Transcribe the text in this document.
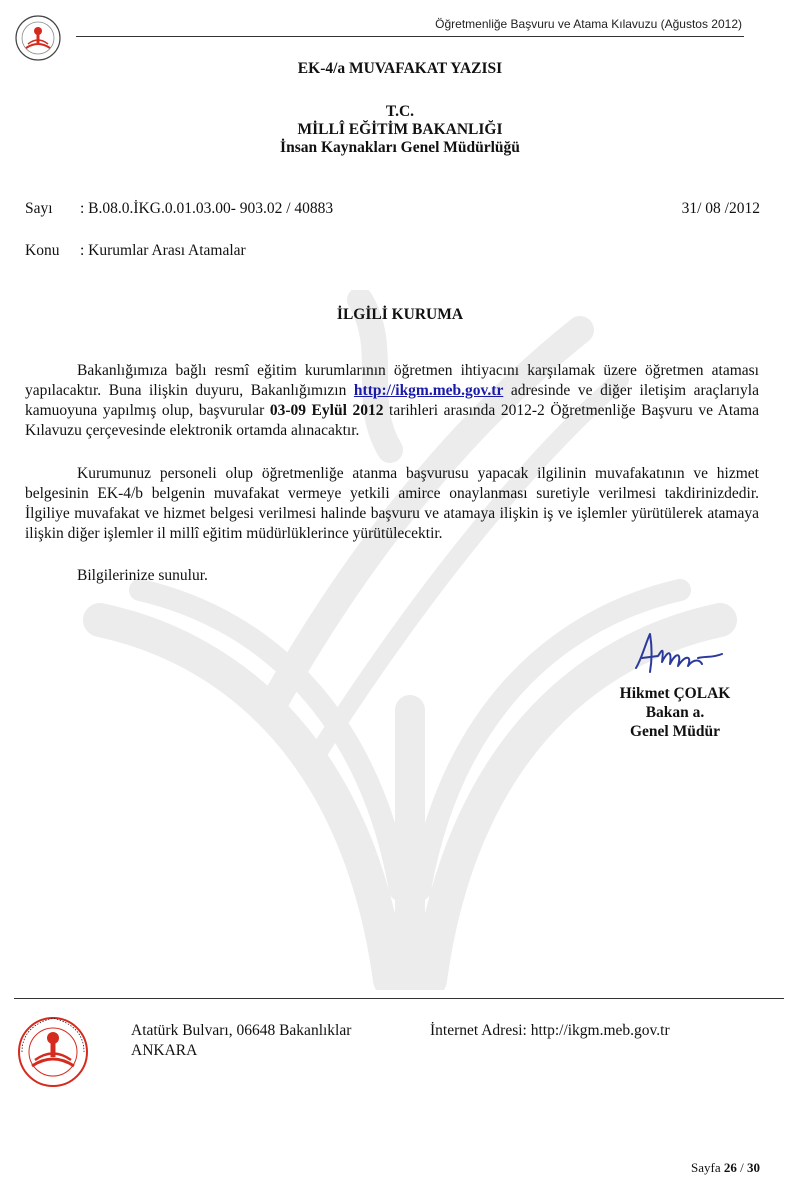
Öğretmenliğe Başvuru ve Atama Kılavuzu (Ağustos 2012)
EK-4/a MUVAFAKAT YAZISI
T.C.
MİLLÎ EĞİTİM BAKANLIĞI
İnsan Kaynakları Genel Müdürlüğü
Sayı : B.08.0.İKG.0.01.03.00- 903.02 / 40883	31/ 08 /2012
Konu : Kurumlar Arası Atamalar
İLGİLİ KURUMA
Bakanlığımıza bağlı resmî eğitim kurumlarının öğretmen ihtiyacını karşılamak üzere öğretmen ataması yapılacaktır. Buna ilişkin duyuru, Bakanlığımızın http://ikgm.meb.gov.tr adresinde ve diğer iletişim araçlarıyla kamuoyuna yapılmış olup, başvurular 03-09 Eylül 2012 tarihleri arasında 2012-2 Öğretmenliğe Başvuru ve Atama Kılavuzu çerçevesinde elektronik ortamda alınacaktır.
Kurumunuz personeli olup öğretmenliğe atanma başvurusu yapacak ilgilinin muvafakatının ve hizmet belgesinin EK-4/b belgenin muvafakat vermeye yetkili amirce onaylanması suretiyle verilmesi takdirinizdedir. İlgiliye muvafakat ve hizmet belgesi verilmesi halinde başvuru ve atamaya ilişkin iş ve işlemler yürütülerek atamaya ilişkin diğer işlemler il millî eğitim müdürlüklerince yürütülecektir.
Bilgilerinize sunulur.
Hikmet ÇOLAK
Bakan a.
Genel Müdür
Atatürk Bulvarı, 06648 Bakanlıklar
ANKARA
İnternet Adresi: http://ikgm.meb.gov.tr
Sayfa 26 / 30
